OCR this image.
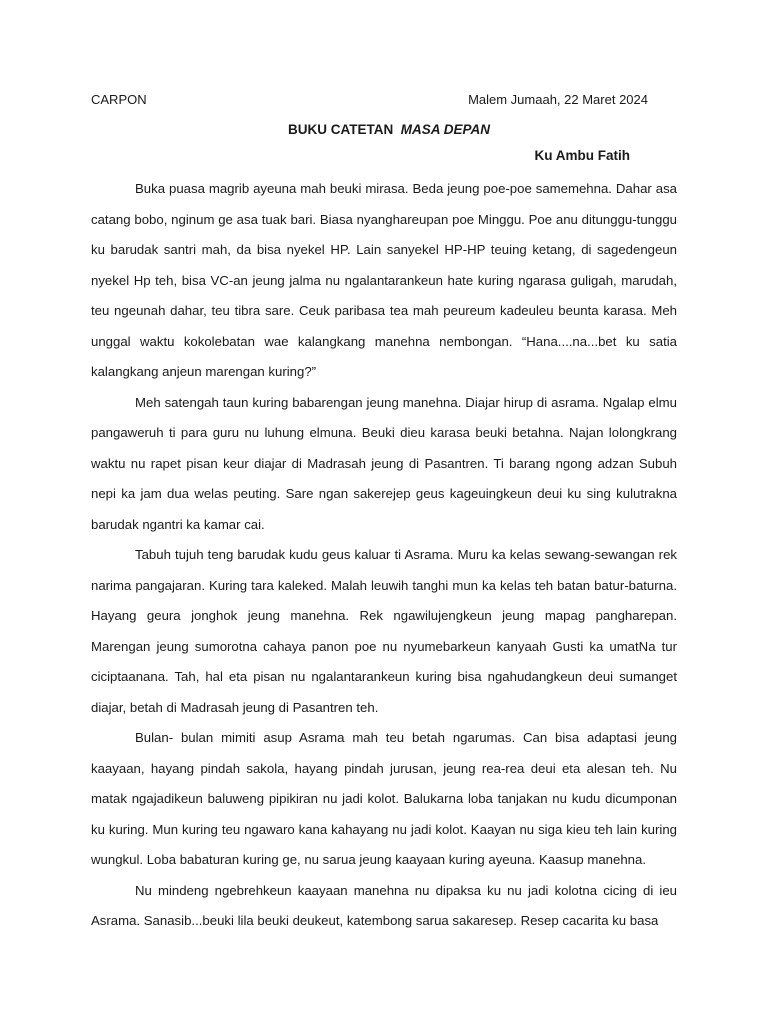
CARPON	Malem Jumaah, 22 Maret 2024
BUKU CATETAN MASA DEPAN
Ku Ambu Fatih

Buka puasa magrib ayeuna mah beuki mirasa. Beda jeung poe-poe samemehna. Dahar asa catang bobo, nginum ge asa tuak bari. Biasa nyanghareupan poe Minggu. Poe anu ditunggu-tunggu ku barudak santri mah, da bisa nyekel HP. Lain sanyekel HP-HP teuing ketang, di sagedengeun nyekel Hp teh, bisa VC-an jeung jalma nu ngalantarankeun hate kuring ngarasa guligah, marudah, teu ngeunah dahar, teu tibra sare. Ceuk paribasa tea mah peureum kadeuleu beunta karasa. Meh unggal waktu kokolebatan wae kalangkang manehna nembongan. “Hana....na...bet ku satia kalangkang anjeun marengan kuring?”

Meh satengah taun kuring babarengan jeung manehna. Diajar hirup di asrama. Ngalap elmu pangaweruh ti para guru nu luhung elmuna. Beuki dieu karasa beuki betahna. Najan lolongkrang waktu nu rapet pisan keur diajar di Madrasah jeung di Pasantren. Ti barang ngong adzan Subuh nepi ka jam dua welas peuting. Sare ngan sakerejep geus kageuingkeun deui ku sing kulutrakna barudak ngantri ka kamar cai.

Tabuh tujuh teng barudak kudu geus kaluar ti Asrama. Muru ka kelas sewang-sewangan rek narima pangajaran. Kuring tara kaleked. Malah leuwih tanghi mun ka kelas teh batan batur-baturna. Hayang geura jonghok jeung manehna. Rek ngawilujengkeun jeung mapag pangharepan. Marengan jeung sumorotna cahaya panon poe nu nyumebarkeun kanyaah Gusti ka umatNa tur ciciptaanana. Tah, hal eta pisan nu ngalantarankeun kuring bisa ngahudangkeun deui sumanget diajar, betah di Madrasah jeung di Pasantren teh.

Bulan- bulan mimiti asup Asrama mah teu betah ngarumas. Can bisa adaptasi jeung kaayaan, hayang pindah sakola, hayang pindah jurusan, jeung rea-rea deui eta alesan teh. Nu matak ngajadikeun baluweng pipikiran nu jadi kolot. Balukarna loba tanjakan nu kudu dicumponan ku kuring. Mun kuring teu ngawaro kana kahayang nu jadi kolot. Kaayan nu siga kieu teh lain kuring wungkul. Loba babaturan kuring ge, nu sarua jeung kaayaan kuring ayeuna. Kaasup manehna.

Nu mindeng ngebrehkeun kaayaan manehna nu dipaksa ku nu jadi kolotna cicing di ieu Asrama. Sanasib...beuki lila beuki deukeut, katembong sarua sakaresep. Resep cacarita ku basa
